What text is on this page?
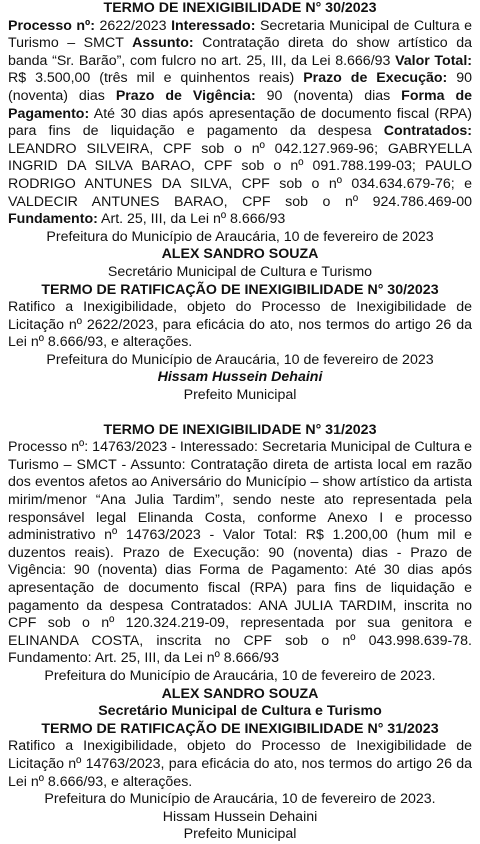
TERMO DE INEXIGIBILIDADE N° 30/2023

Processo nº: 2622/2023 Interessado: Secretaria Municipal de Cultura e Turismo – SMCT Assunto: Contratação direta do show artístico da banda “Sr. Barão”, com fulcro no art. 25, III, da Lei 8.666/93 Valor Total: R$ 3.500,00 (três mil e quinhentos reais) Prazo de Execução: 90 (noventa) dias Prazo de Vigência: 90 (noventa) dias Forma de Pagamento: Até 30 dias após apresentação de documento fiscal (RPA) para fins de liquidação e pagamento da despesa Contratados: LEANDRO SILVEIRA, CPF sob o nº 042.127.969-96; GABRYELLA INGRID DA SILVA BARAO, CPF sob o nº 091.788.199-03; PAULO RODRIGO ANTUNES DA SILVA, CPF sob o nº 034.634.679-76; e VALDECIR ANTUNES BARAO, CPF sob o nº 924.786.469-00 Fundamento: Art. 25, III, da Lei nº 8.666/93

Prefeitura do Município de Araucária, 10 de fevereiro de 2023
ALEX SANDRO SOUZA
Secretário Municipal de Cultura e Turismo
TERMO DE RATIFICAÇÃO DE INEXIGIBILIDADE N° 30/2023

Ratifico a Inexigibilidade, objeto do Processo de Inexigibilidade de Licitação nº 2622/2023, para eficácia do ato, nos termos do artigo 26 da Lei nº 8.666/93, e alterações.

Prefeitura do Município de Araucária, 10 de fevereiro de 2023
Hissam Hussein Dehaini
Prefeito Municipal
TERMO DE INEXIGIBILIDADE N° 31/2023

Processo nº: 14763/2023 - Interessado: Secretaria Municipal de Cultura e Turismo – SMCT - Assunto: Contratação direta de artista local em razão dos eventos afetos ao Aniversário do Município – show artístico da artista mirim/menor “Ana Julia Tardim”, sendo neste ato representada pela responsável legal Elinanda Costa, conforme Anexo I e processo administrativo nº 14763/2023 - Valor Total: R$ 1.200,00 (hum mil e duzentos reais). Prazo de Execução: 90 (noventa) dias - Prazo de Vigência: 90 (noventa) dias Forma de Pagamento: Até 30 dias após apresentação de documento fiscal (RPA) para fins de liquidação e pagamento da despesa Contratados: ANA JULIA TARDIM, inscrita no CPF sob o nº 120.324.219-09, representada por sua genitora e ELINANDA COSTA, inscrita no CPF sob o nº 043.998.639-78. Fundamento: Art. 25, III, da Lei nº 8.666/93

Prefeitura do Município de Araucária, 10 de fevereiro de 2023.
ALEX SANDRO SOUZA
Secretário Municipal de Cultura e Turismo
TERMO DE RATIFICAÇÃO DE INEXIGIBILIDADE N° 31/2023

Ratifico a Inexigibilidade, objeto do Processo de Inexigibilidade de Licitação nº 14763/2023, para eficácia do ato, nos termos do artigo 26 da Lei nº 8.666/93, e alterações.

Prefeitura do Município de Araucária, 10 de fevereiro de 2023.
Hissam Hussein Dehaini
Prefeito Municipal
